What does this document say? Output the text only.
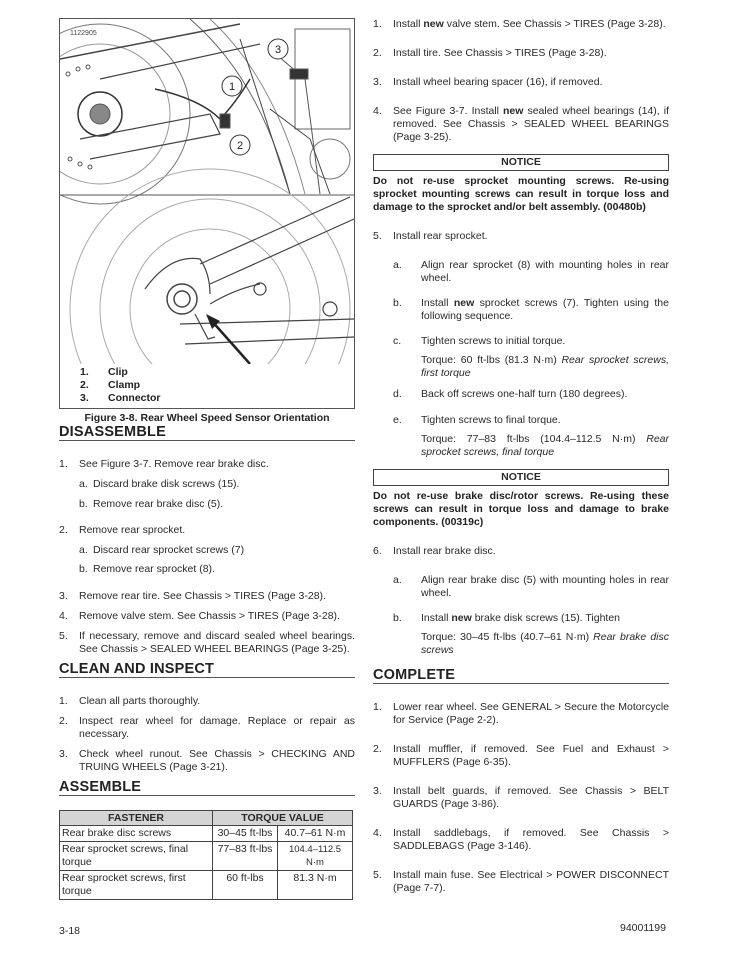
1
2
3
1122905
1.	Clip
2.	Clamp
3.	Connector
Figure 3-8. Rear Wheel Speed Sensor Orientation
DISASSEMBLE
1.	See Figure 3-7. Remove rear brake disc.
a. Discard brake disk screws (15).
b. Remove rear brake disc (5).
2.	Remove rear sprocket.
a. Discard rear sprocket screws (7)
b. Remove rear sprocket (8).
3.	Remove rear tire. See Chassis > TIRES (Page 3-28).
4.	Remove valve stem. See Chassis > TIRES (Page 3-28).
5.	If necessary, remove and discard sealed wheel bearings. See Chassis > SEALED WHEEL BEARINGS (Page 3-25).
CLEAN AND INSPECT
1.	Clean all parts thoroughly.
2.	Inspect rear wheel for damage. Replace or repair as necessary.
3.	Check wheel runout. See Chassis > CHECKING AND TRUING WHEELS (Page 3-21).
ASSEMBLE
FASTENER	TORQUE VALUE	
Rear brake disc screws	30–45 ft-lbs	40.7–61 N·m
Rear sprocket screws, final torque	77–83 ft-lbs	104.4–112.5 N·m
Rear sprocket screws, first torque	60 ft-lbs	81.3 N·m
1.	Install new valve stem. See Chassis > TIRES (Page 3-28).
2.	Install tire. See Chassis > TIRES (Page 3-28).
3.	Install wheel bearing spacer (16), if removed.
4.	See Figure 3-7. Install new sealed wheel bearings (14), if removed. See Chassis > SEALED WHEEL BEARINGS (Page 3-25).
NOTICE
Do not re-use sprocket mounting screws. Re-using sprocket mounting screws can result in torque loss and damage to the sprocket and/or belt assembly. (00480b)
5.	Install rear sprocket.
a.	Align rear sprocket (8) with mounting holes in rear wheel.
b.	Install new sprocket screws (7). Tighten using the following sequence.
c.	Tighten screws to initial torque.
Torque: 60 ft-lbs (81.3 N·m) Rear sprocket screws, first torque
d.	Back off screws one-half turn (180 degrees).
e.	Tighten screws to final torque.
Torque: 77–83 ft-lbs (104.4–112.5 N·m) Rear sprocket screws, final torque
NOTICE
Do not re-use brake disc/rotor screws. Re-using these screws can result in torque loss and damage to brake components. (00319c)
6.	Install rear brake disc.
a.	Align rear brake disc (5) with mounting holes in rear wheel.
b.	Install new brake disk screws (15). Tighten
Torque: 30–45 ft-lbs (40.7–61 N·m) Rear brake disc screws
COMPLETE
1.	Lower rear wheel. See GENERAL > Secure the Motorcycle for Service (Page 2-2).
2.	Install muffler, if removed. See Fuel and Exhaust > MUFFLERS (Page 6-35).
3.	Install belt guards, if removed. See Chassis > BELT GUARDS (Page 3-86).
4.	Install saddlebags, if removed. See Chassis > SADDLEBAGS (Page 3-146).
5.	Install main fuse. See Electrical > POWER DISCONNECT (Page 7-7).
3-18	94001199
